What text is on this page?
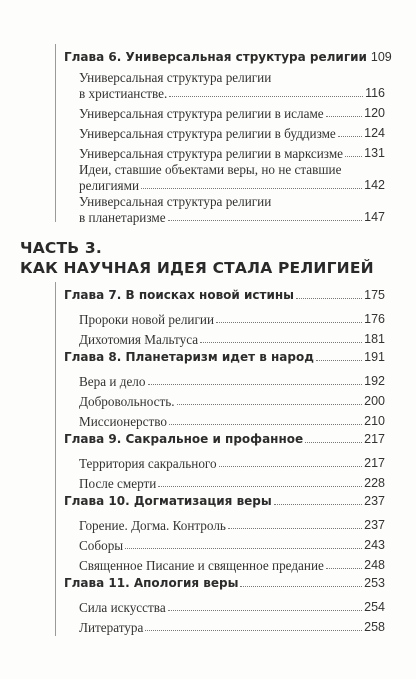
Глава 6. Универсальная структура религии 109
Универсальная структура религии
в христианстве.	116
Универсальная структура религии в исламе	120
Универсальная структура религии в буддизме 124
Универсальная структура религии в марксизме 131
Идеи, ставшие объектами веры, но не ставшие
религиями	142
Универсальная структура религии
в планетаризме	147
ЧАСТЬ 3.
КАК НАУЧНАЯ ИДЕЯ СТАЛА РЕЛИГИЕЙ
Глава 7. В поисках новой истины	175
Пророки новой религии	176
Дихотомия Мальтуса	181
Глава 8. Планетаризм идет в народ	191
Вера и дело	192
Добровольность.	200
Миссионерство	210
Глава 9. Сакральное и профанное	217
Территория сакрального	217
После смерти	228
Глава 10. Догматизация веры	237
Горение. Догма. Контроль	237
Соборы	243
Священное Писание и священное предание	248
Глава 11. Апология веры	253
Сила искусства	254
Литература	258
